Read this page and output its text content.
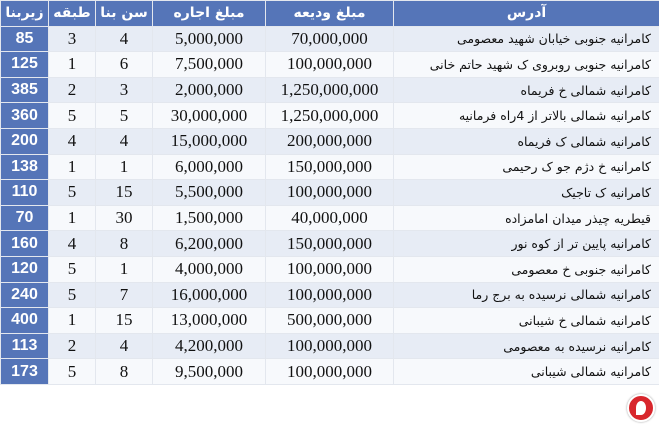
زیربنا	طبقه	سن بنا	مبلغ اجاره	مبلغ ودیعه	آدرس
85	3	4	5,000,000	70,000,000	کامرانیه جنوبی خیابان شهید معصومی
125	1	6	7,500,000	100,000,000	کامرانیه جنوبی روبروی ک شهید حاتم خانی
385	2	3	2,000,000	1,250,000,000	کامرانیه شمالی خ فریماه
360	5	5	30,000,000	1,250,000,000	کامرانیه شمالی بالاتر از 4راه فرمانیه
200	4	4	15,000,000	200,000,000	کامرانیه شمالی ک فریماه
138	1	1	6,000,000	150,000,000	کامرانیه خ دژم جو ک رحیمی
110	5	15	5,500,000	100,000,000	کامرانیه ک تاجیک
70	1	30	1,500,000	40,000,000	قیطریه چیذر میدان امامزاده
160	4	8	6,200,000	150,000,000	کامرانیه پایین تر از کوه نور
120	5	1	4,000,000	100,000,000	کامرانیه جنوبی خ معصومی
240	5	7	16,000,000	100,000,000	کامرانیه شمالی نرسیده به برج رما
400	1	15	13,000,000	500,000,000	کامرانیه شمالی خ شیبانی
113	2	4	4,200,000	100,000,000	کامرانیه نرسیده به معصومی
173	5	8	9,500,000	100,000,000	کامرانیه شمالی شیبانی
